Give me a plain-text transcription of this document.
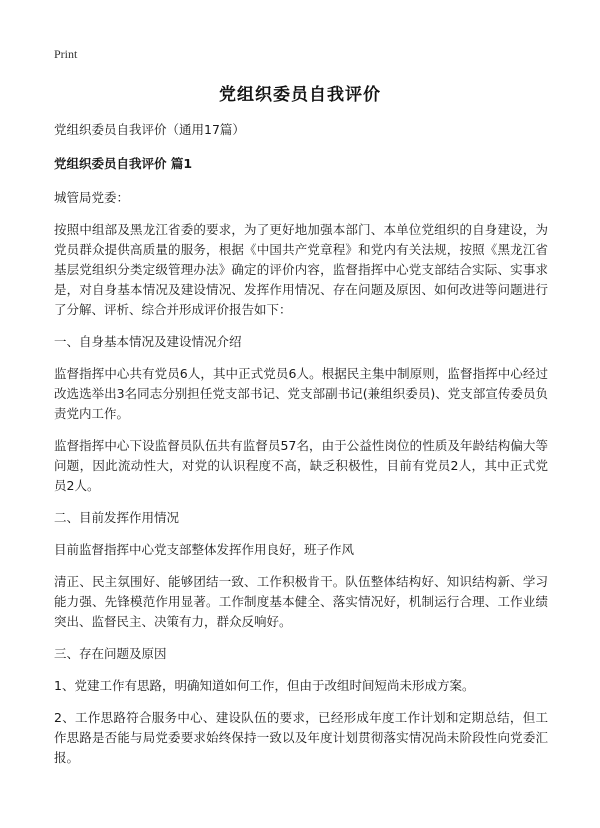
Print
党组织委员自我评价

党组织委员自我评价（通用17篇）

党组织委员自我评价 篇1

城管局党委：

按照中组部及黑龙江省委的要求，为了更好地加强本部门、本单位党组织的自身建设，为党员群众提供高质量的服务，根据《中国共产党章程》和党内有关法规，按照《黑龙江省基层党组织分类定级管理办法》确定的评价内容，监督指挥中心党支部结合实际、实事求是，对自身基本情况及建设情况、发挥作用情况、存在问题及原因、如何改进等问题进行了分解、评析、综合并形成评价报告如下：

一、自身基本情况及建设情况介绍

监督指挥中心共有党员6人，其中正式党员6人。根据民主集中制原则，监督指挥中心经过改选选举出3名同志分别担任党支部书记、党支部副书记(兼组织委员)、党支部宣传委员负责党内工作。

监督指挥中心下设监督员队伍共有监督员57名，由于公益性岗位的性质及年龄结构偏大等问题，因此流动性大，对党的认识程度不高，缺乏积极性，目前有党员2人，其中正式党员2人。

二、目前发挥作用情况

目前监督指挥中心党支部整体发挥作用良好，班子作风

清正、民主氛围好、能够团结一致、工作积极肯干。队伍整体结构好、知识结构新、学习能力强、先锋模范作用显著。工作制度基本健全、落实情况好，机制运行合理、工作业绩突出、监督民主、决策有力，群众反响好。

三、存在问题及原因

1、党建工作有思路，明确知道如何工作，但由于改组时间短尚未形成方案。

2、工作思路符合服务中心、建设队伍的要求，已经形成年度工作计划和定期总结，但工作思路是否能与局党委要求始终保持一致以及年度计划贯彻落实情况尚未阶段性向党委汇报。
